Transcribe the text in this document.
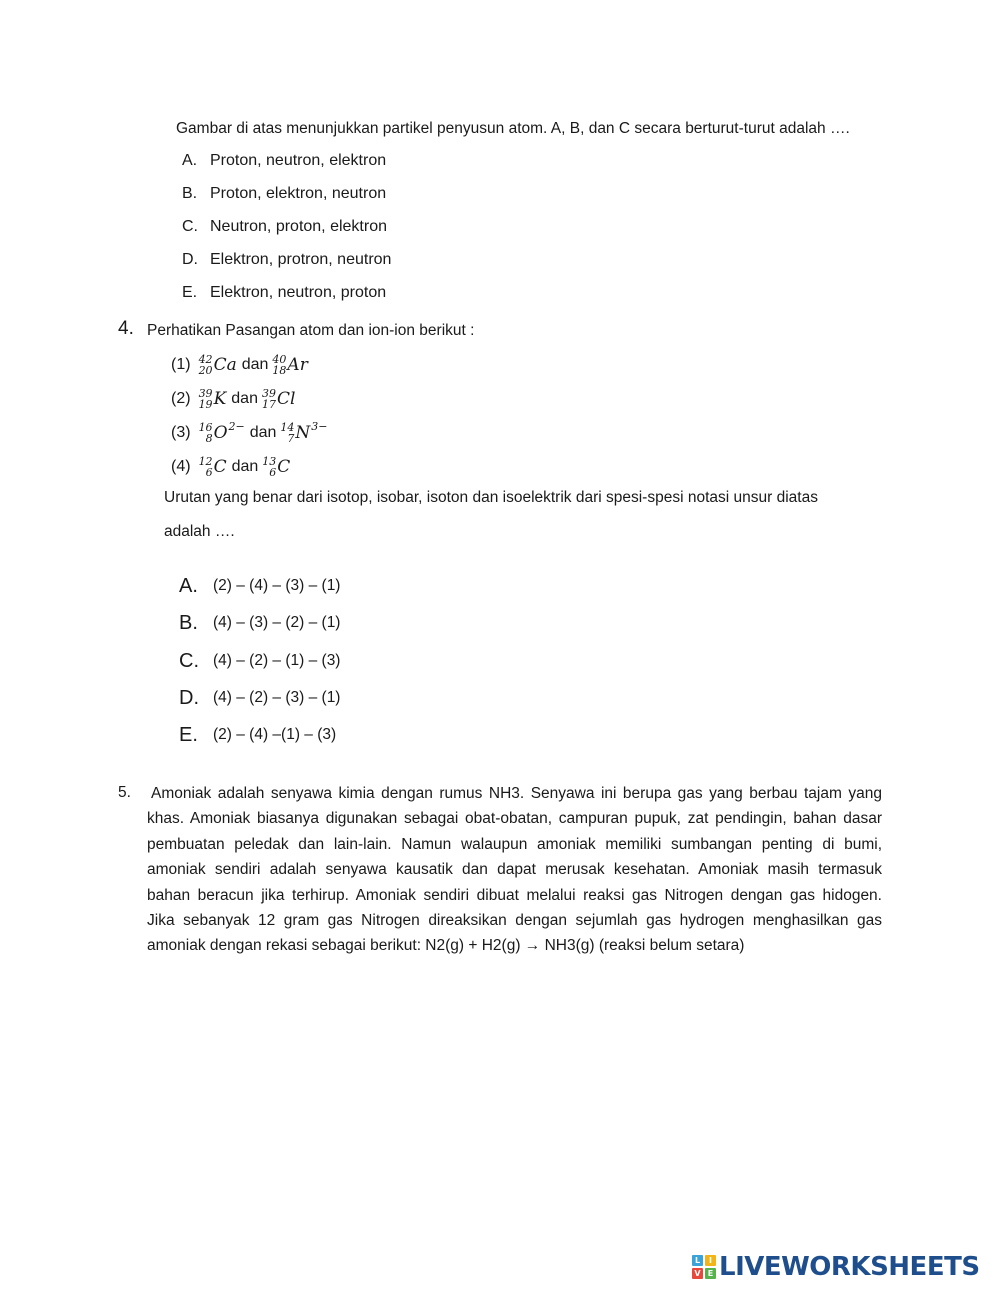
Gambar di atas menunjukkan partikel penyusun atom. A, B, dan C secara berturut-turut adalah ….
A. Proton, neutron, elektron
B. Proton, elektron, neutron
C. Neutron, proton, elektron
D. Elektron, protron, neutron
E. Elektron, neutron, proton
4. Perhatikan Pasangan atom dan ion-ion berikut :
(1) 42
20 Ca dan 40
18 Ar
(2) 39
19 K dan 39
17 Cl
(3) 16
8 O 2− dan 14
7 N 3−
(4) 12
6 C dan 13
6 C
Urutan yang benar dari isotop, isobar, isoton dan isoelektrik dari spesi-spesi notasi unsur diatas
adalah ….
A. (2) – (4) – (3) – (1)
B. (4) – (3) – (2) – (1)
C. (4) – (2) – (1) – (3)
D. (4) – (2) – (3) – (1)
E. (2) – (4) –(1) – (3)
5. Amoniak adalah senyawa kimia dengan rumus NH3. Senyawa ini berupa gas yang berbau tajam yang
khas. Amoniak biasanya digunakan sebagai obat-obatan, campuran pupuk, zat pendingin, bahan dasar
pembuatan peledak dan lain-lain. Namun walaupun amoniak memiliki sumbangan penting di bumi,
amoniak sendiri adalah senyawa kausatik dan dapat merusak kesehatan. Amoniak masih termasuk
bahan beracun jika terhirup. Amoniak sendiri dibuat melalui reaksi gas Nitrogen dengan gas hidogen.
Jika sebanyak 12 gram gas Nitrogen direaksikan dengan sejumlah gas hydrogen menghasilkan gas
amoniak dengan rekasi sebagai berikut: N2(g) + H2(g) → NH3(g) (reaksi belum setara)
L	I
V E LIVEWORKSHEETS
